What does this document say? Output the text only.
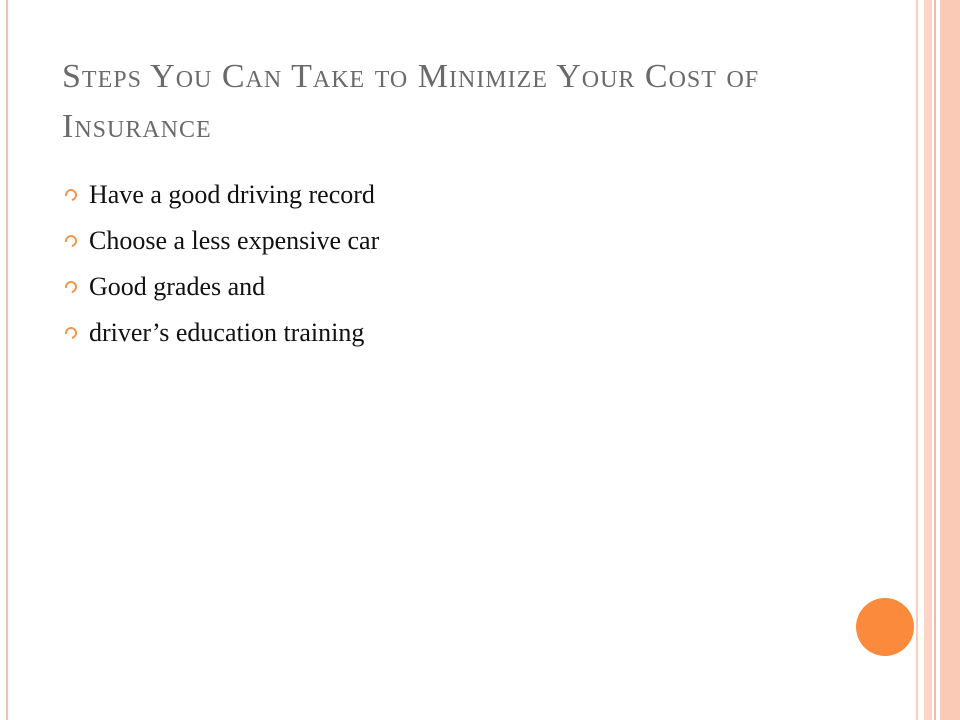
Steps You Can Take to Minimize Your Cost of Insurance
Have a good driving record
Choose a less expensive car
Good grades and
driver’s education training
